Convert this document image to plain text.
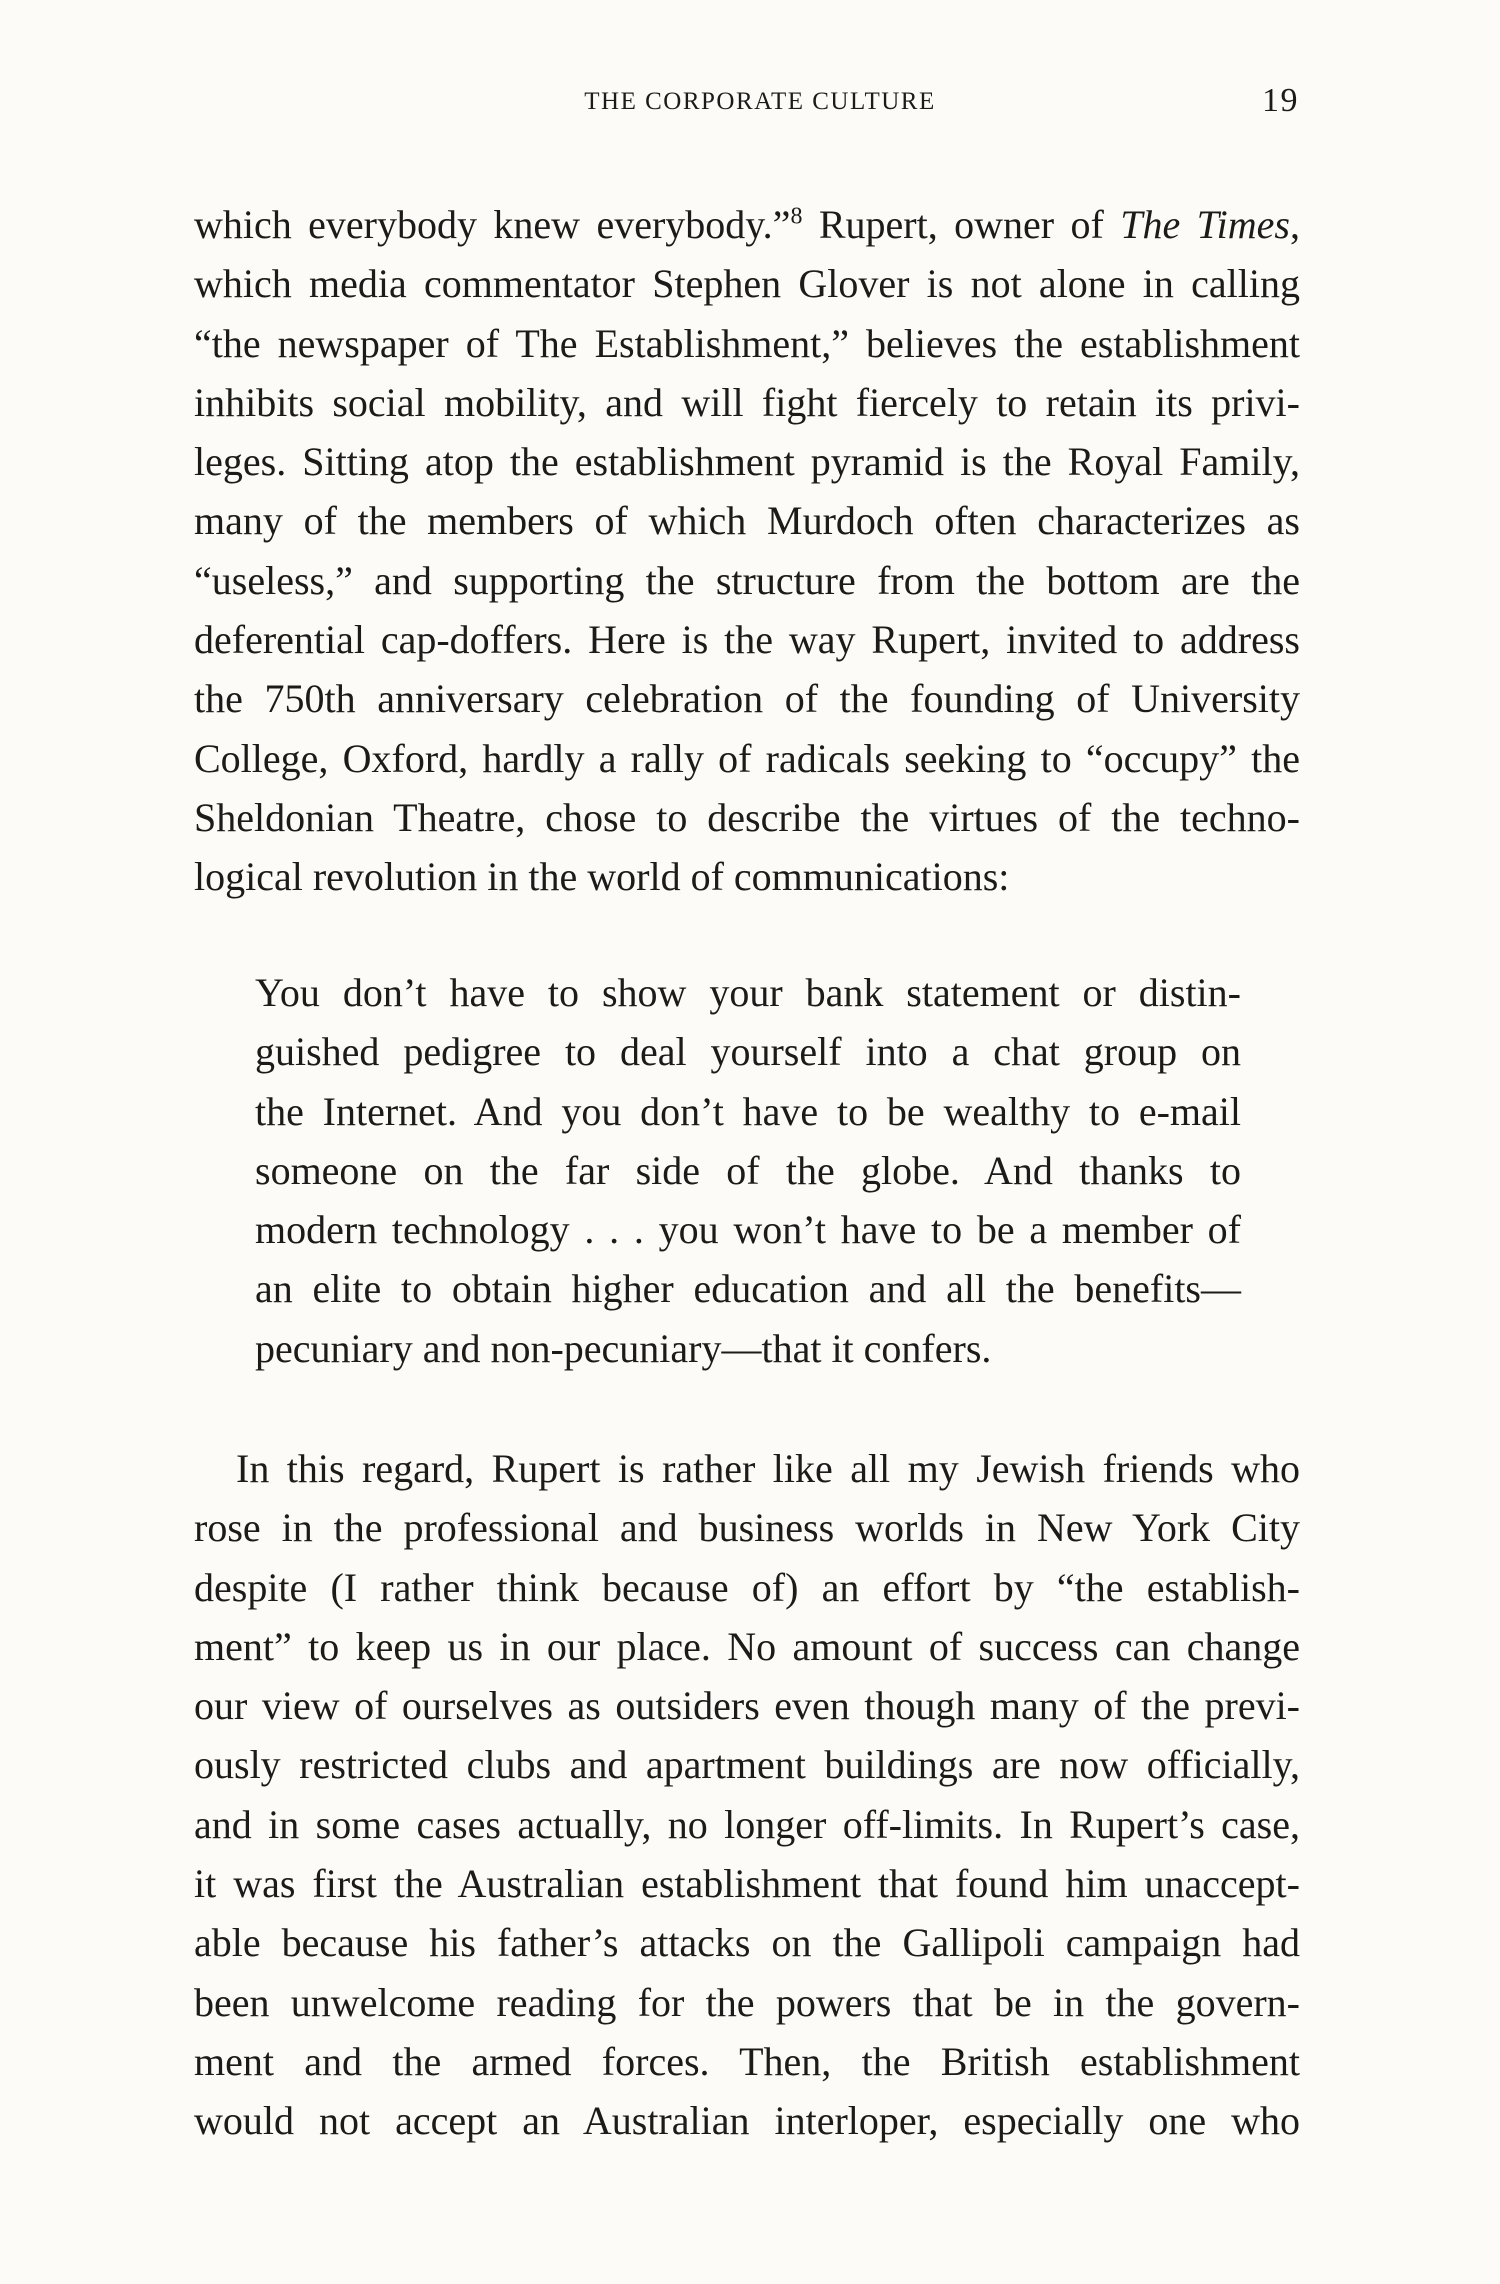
THE CORPORATE CULTURE	19
which everybody knew everybody.”$^8$ Rupert, owner of The Times,
which media commentator Stephen Glover is not alone in calling
“the newspaper of The Establishment,” believes the establishment
inhibits social mobility, and will fight fiercely to retain its privi-
leges. Sitting atop the establishment pyramid is the Royal Family,
many of the members of which Murdoch often characterizes as
“useless,” and supporting the structure from the bottom are the
deferential cap-doffers. Here is the way Rupert, invited to address
the 750th anniversary celebration of the founding of University
College, Oxford, hardly a rally of radicals seeking to “occupy” the
Sheldonian Theatre, chose to describe the virtues of the techno-
logical revolution in the world of communications:
You don’t have to show your bank statement or distin-
guished pedigree to deal yourself into a chat group on
the Internet. And you don’t have to be wealthy to e-mail
someone on the far side of the globe. And thanks to
modern technology . . . you won’t have to be a member of
an elite to obtain higher education and all the benefits—
pecuniary and non-pecuniary—that it confers.
In this regard, Rupert is rather like all my Jewish friends who
rose in the professional and business worlds in New York City
despite (I rather think because of) an effort by “the establish-
ment” to keep us in our place. No amount of success can change
our view of ourselves as outsiders even though many of the previ-
ously restricted clubs and apartment buildings are now officially,
and in some cases actually, no longer off-limits. In Rupert’s case,
it was first the Australian establishment that found him unaccept-
able because his father’s attacks on the Gallipoli campaign had
been unwelcome reading for the powers that be in the govern-
ment and the armed forces. Then, the British establishment
would not accept an Australian interloper, especially one who
